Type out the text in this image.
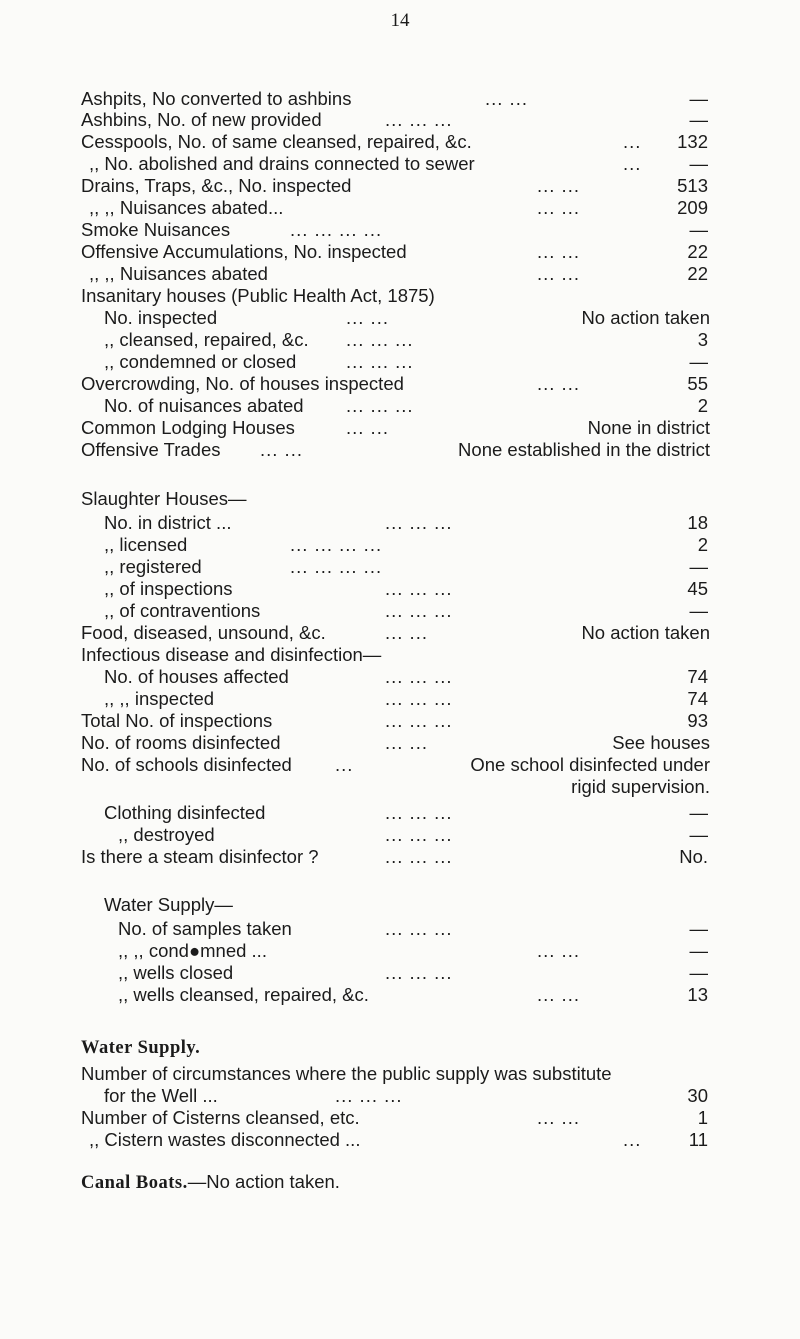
14
Ashpits, No converted to ashbins	... ...	—
Ashbins, No. of new provided	... ... ...	—
Cesspools, No. of same cleansed, repaired, &c.	... 132
,, No. abolished and drains connected to sewer	...	—
Drains, Traps, &c., No. inspected	... ...	513
,, ,, Nuisances abated...	... ...	209
Smoke Nuisances	... ... ... ...	—
Offensive Accumulations, No. inspected	... ...	22
,, ,, Nuisances abated	... ...	22
Insanitary houses (Public Health Act, 1875)
No. inspected	... ...	No action taken
,, cleansed, repaired, &c. ... ... ...	3
,, condemned or closed	... ... ...	—
Overcrowding, No. of houses inspected	... ...	55
No. of nuisances abated ... ... ...	2
Common Lodging Houses	... ...	None in district
Offensive Trades ... ...	None established in the district
Slaughter Houses—
No. in district ...	... ... ...	18
,, licensed	... ... ... ...	2
,, registered	... ... ... ...	—
,, of inspections	... ... ...	45
,, of contraventions	... ... ...	—
Food, diseased, unsound, &c.	... ...	No action taken
Infectious disease and disinfection—
No. of houses affected	... ... ...	74
,, ,, inspected	... ... ...	74
Total No. of inspections	... ... ...	93
No. of rooms disinfected	... ...	See houses
No. of schools disinfected ...	One school disinfected under
rigid supervision.
Clothing disinfected	... ... ...	—
,, destroyed	... ... ...	—
Is there a steam disinfector ?	... ... ...	No.
Water Supply—
No. of samples taken	... ... ...	—
,, ,, cond●mned ...	... ...	—
,, wells closed	... ... ...	—
,, wells cleansed, repaired, &c.	... ...	13
Water Supply.
Number of circumstances where the public supply was substitute
for the Well ...	... ... ...	30
Number of Cisterns cleansed, etc.	... ...	1
,, Cistern wastes disconnected ...	...	11
Canal Boats.—No action taken.
